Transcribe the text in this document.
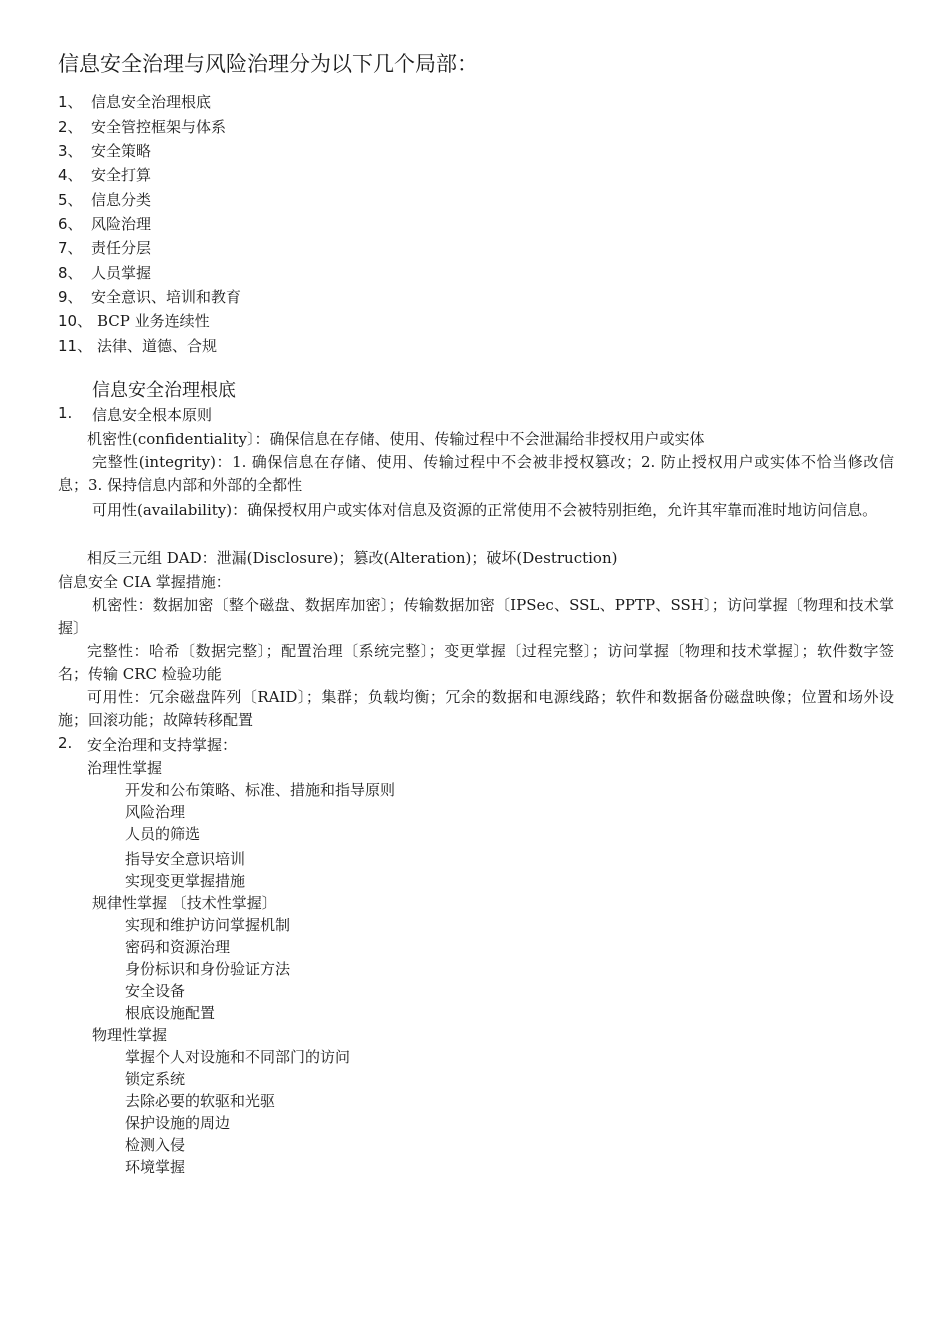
信息安全治理与风险治理分为以下几个局部：
1、 信息安全治理根底
2、 安全管控框架与体系
3、 安全策略
4、 安全打算
5、 信息分类
6、 风险治理
7、 责任分层
8、 人员掌握
9、 安全意识、培训和教育
10、 BCP 业务连续性
11、 法律、道德、合规
信息安全治理根底
1. 信息安全根本原则
机密性(confidentiality〕：确保信息在存储、使用、传输过程中不会泄漏给非授权用户或实体

完整性(integrity)：1. 确保信息在存储、使用、传输过程中不会被非授权篡改；2. 防止授权用户或实体不恰当修改信息；3. 保持信息内部和外部的全都性

可用性(availability)：确保授权用户或实体对信息及资源的正常使用不会被特别拒绝，允许其牢靠而准时地访问信息。

相反三元组 DAD：泄漏(Disclosure)；篡改(Alteration)；破坏(Destruction)
信息安全 CIA 掌握措施：

机密性：数据加密〔整个磁盘、数据库加密〕；传输数据加密〔IPSec、SSL、PPTP、SSH〕；访问掌握〔物理和技术掌握〕

完整性：哈希〔数据完整〕；配置治理〔系统完整〕；变更掌握〔过程完整〕；访问掌握〔物理和技术掌握〕；软件数字签名；传输 CRC 检验功能

可用性：冗余磁盘阵列〔RAID〕；集群；负载均衡；冗余的数据和电源线路；软件和数据备份磁盘映像；位置和场外设施；回滚功能；故障转移配置

2. 安全治理和支持掌握：
治理性掌握
开发和公布策略、标准、措施和指导原则
风险治理
人员的筛选
指导安全意识培训
实现变更掌握措施
规律性掌握 〔技术性掌握〕
实现和维护访问掌握机制
密码和资源治理
身份标识和身份验证方法
安全设备
根底设施配置
物理性掌握
掌握个人对设施和不同部门的访问
锁定系统
去除必要的软驱和光驱
保护设施的周边
检测入侵
环境掌握
